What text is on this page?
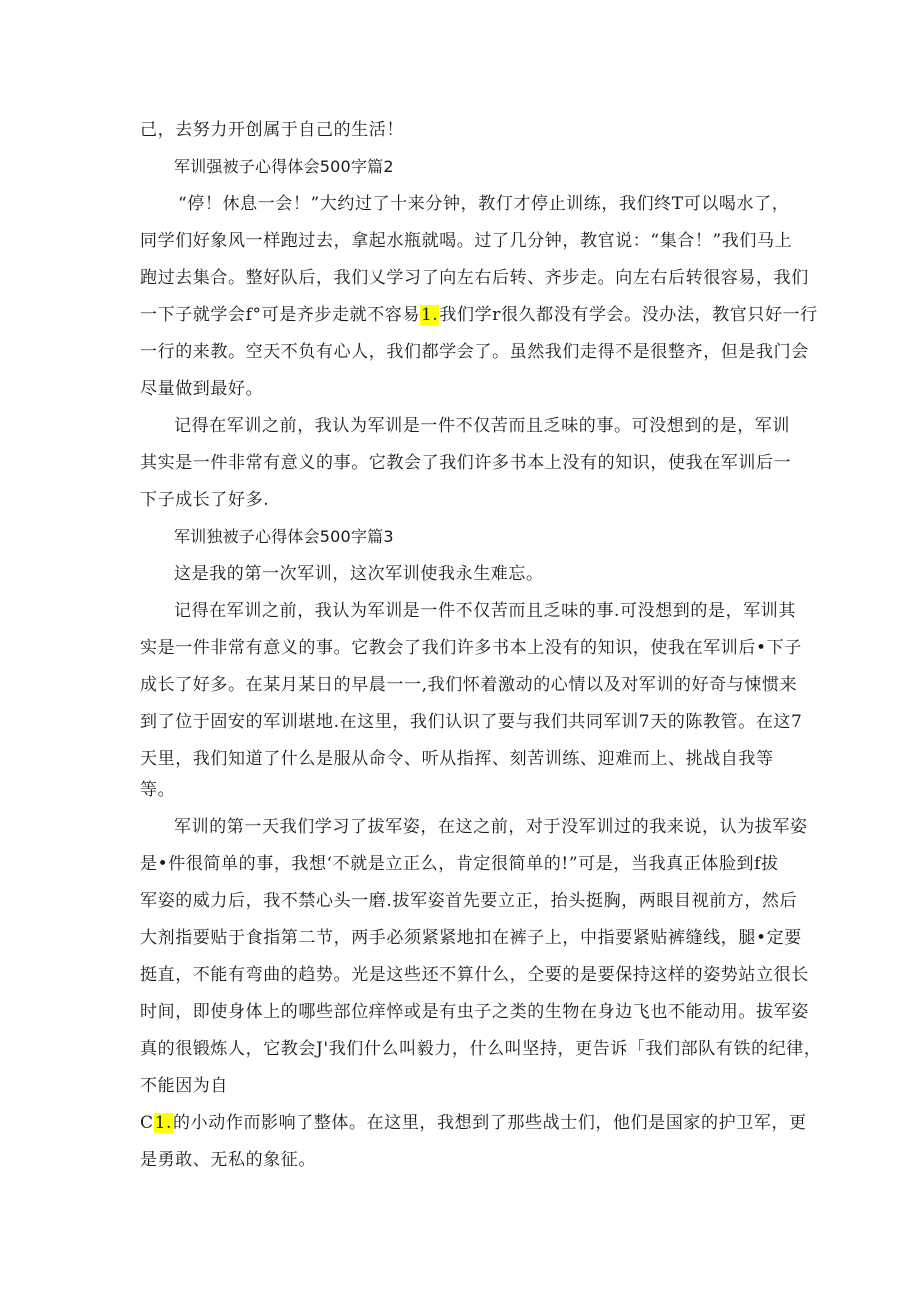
己，去努力开创属于自己的生活！
军训强被子心得体会500字篇2
“停！休息一会！”大约过了十来分钟，教仃才停止训练，我们终T可以喝水了，
同学们好象风一样跑过去，拿起水瓶就喝。过了几分钟，教官说：“集合！”我们马上
跑过去集合。整好队后，我们乂学习了向左右后转、齐步走。向左右后转很容易，我们
一下子就学会f°可是齐步走就不容易1.我们学r很久都没有学会。没办法，教官只好一行
一行的来教。空天不负有心人，我们都学会了。虽然我们走得不是很整齐，但是我门会
尽量做到最好。
记得在军训之前，我认为军训是一件不仅苦而且乏味的事。可没想到的是，军训
其实是一件非常有意义的事。它教会了我们许多书本上没有的知识，使我在军训后一
下子成长了好多.
军训独被子心得体会500字篇3
这是我的第一次军训，这次军训使我永生难忘。
记得在军训之前，我认为军训是一件不仅苦而且乏味的事.可没想到的是，军训其
实是一件非常有意义的事。它教会了我们许多书本上没有的知识，使我在军训后•下子
成长了好多。在某月某日的早晨一一,我们怀着激动的心情以及对军训的好奇与悚惯来
到了位于固安的军训堪地.在这里，我们认识了要与我们共同军训7天的陈教管。在这7
天里，我们知道了什么是服从命令、听从指挥、刻苦训练、迎难而上、挑战自我等
等。
军训的第一天我们学习了拔军姿，在这之前，对于没军训过的我来说，认为拔军姿
是•件很简单的事，我想‘不就是立正么，肯定很简单的!”可是，当我真正体脸到f拔
军姿的威力后，我不禁心头一磨.拔军姿首先要立正，抬头挺胸，两眼目视前方，然后
大剂指要贴于食指第二节，两手必须紧紧地扣在裤子上，中指要紧贴裤缝线，腿•定要
挺直，不能有弯曲的趋势。光是这些还不算什么，仝要的是要保持这样的姿势站立很长
时间，即使身体上的哪些部位痒悴或是有虫子之类的生物在身边飞也不能动用。拔军姿
真的很锻炼人，它教会J'我们什么叫毅力，什么叫坚持，更告诉「我们部队有铁的纪律，
不能因为自
C1.的小动作而影响了整体。在这里，我想到了那些战士们，他们是国家的护卫军，更
是勇敢、无私的象征。
